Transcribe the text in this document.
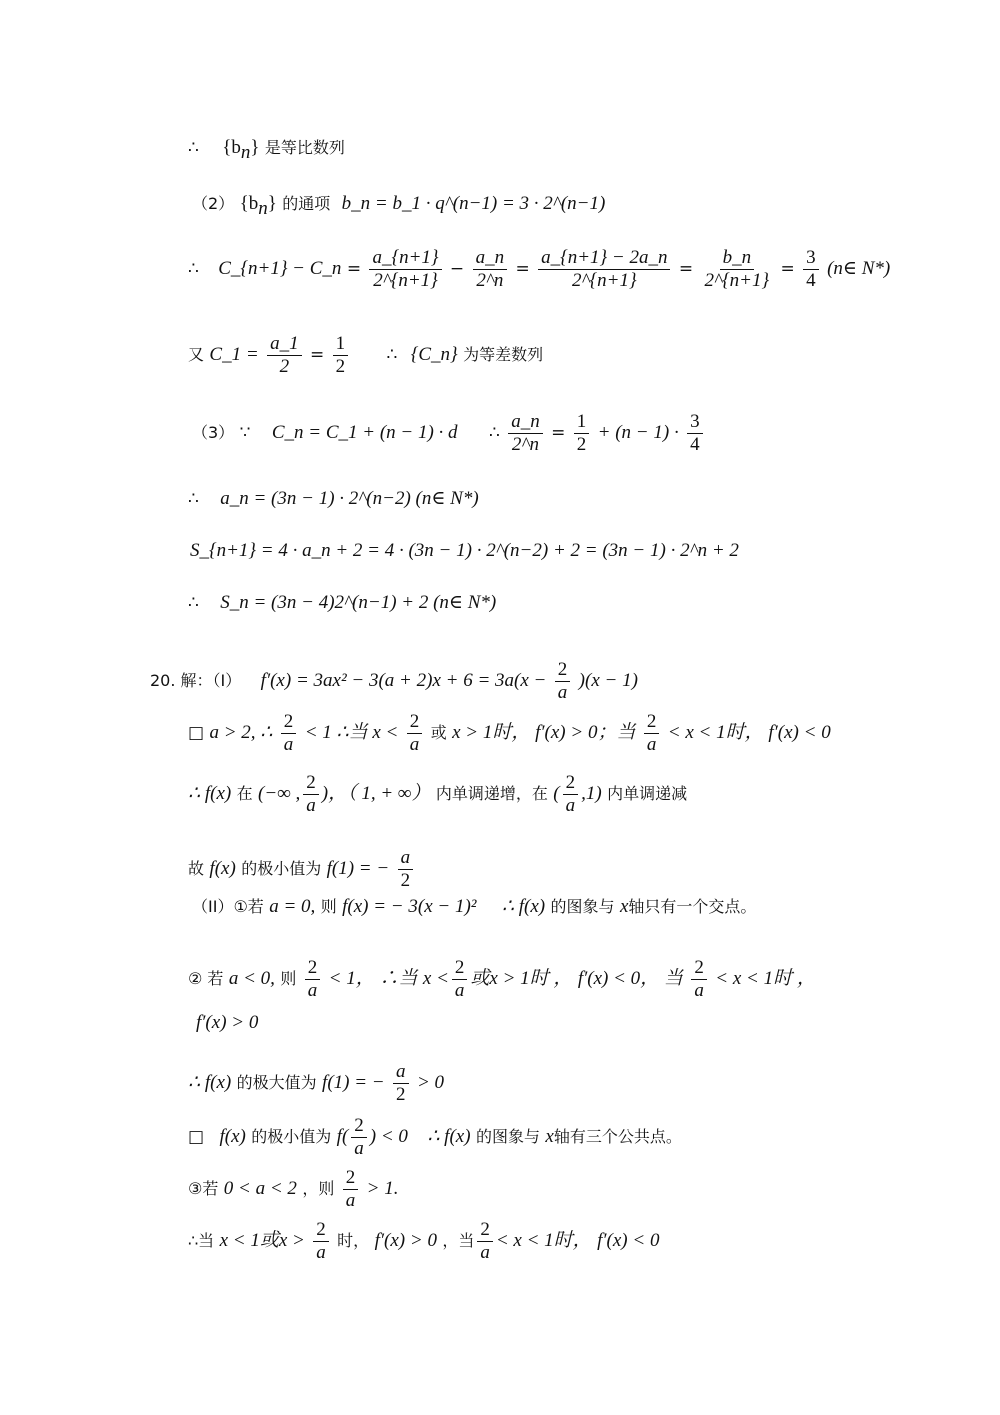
∴ $\{b_n\}$ 是等比数列
（2） $\{b_n\}$ 的通项 b_n = b_1 · q^(n−1) = 3 · 2^(n−1)
∴ C_{n+1} − C_n = $\frac{a\_\{n+1\}}{2\^{}\{n+1\}} - \frac{a\_n}{2\^{}n} = \frac{a\_\{n+1\} - 2a\_n}{2\^{}\{n+1\}} = \frac{b\_n}{2\^{}\{n+1\}} = \frac{3}{4}$ (n∈ N*)
又 C_1 = $\frac{a\_1}{2} = \frac{1}{2}$ ∴ {C_n} 为等差数列
（3） ∵ C_n = C_1 + (n − 1) · d ∴ $\frac{a\_n}{2\^{}n} = \frac{1}{2} + (n - 1) \cdot \frac{3}{4}$
∴ a_n = (3n − 1) · 2^(n−2) (n∈ N*)
S_{n+1} = 4 · a_n + 2 = 4 · (3n − 1) · 2^(n−2) + 2 = (3n − 1) · 2^n + 2
∴ S_n = (3n − 4)2^(n−1) + 2 (n∈ N*)
20. 解：（I） $f'(x) = 3ax^2 - 3(a + 2)x + 6 = 3a(x - \frac{2}{a} )(x - 1)$
□ a > 2, ∴ $\frac{2}{a} < 1$ ∴当 $x < \frac{2}{a}$ 或 x > 1时， f′(x) > 0；当 $\frac{2}{a} < x < 1$时， f′(x) < 0
∴ f(x) 在 (−∞ , $\frac{2}{a}$ )，（ 1, + ∞） 内单调递增，在 ( $\frac{2}{a} ,1$) 内单调递减
故 f(x) 的极小值为 f(1) = − $\frac{a}{2}$
（II）①若 a = 0, 则 f(x) = − 3(x − 1)² ∴ f(x) 的图象与 x轴只有一个交点。
② 若 a < 0, 则 $\frac{2}{a} < 1$， ∴当 $x < \frac{2}{a}$ 或x > 1时 ， f′(x) < 0， 当 $\frac{2}{a} < x < 1$时 ，
f′(x) > 0
∴ f(x) 的极大值为 f(1) = − $\frac{a}{2} > 0$
□ f(x) 的极小值为 $f( \frac{2}{a}$ ) < 0 ∴ f(x) 的图象与 x轴有三个公共点。
③若 0 < a < 2 ，则 $\frac{2}{a} > 1$.
∴当 x < 1或$x > \frac{2}{a}$ 时， f′(x) > 0 ，当 $\frac{2}{a} < x < 1$时， f′(x) < 0
